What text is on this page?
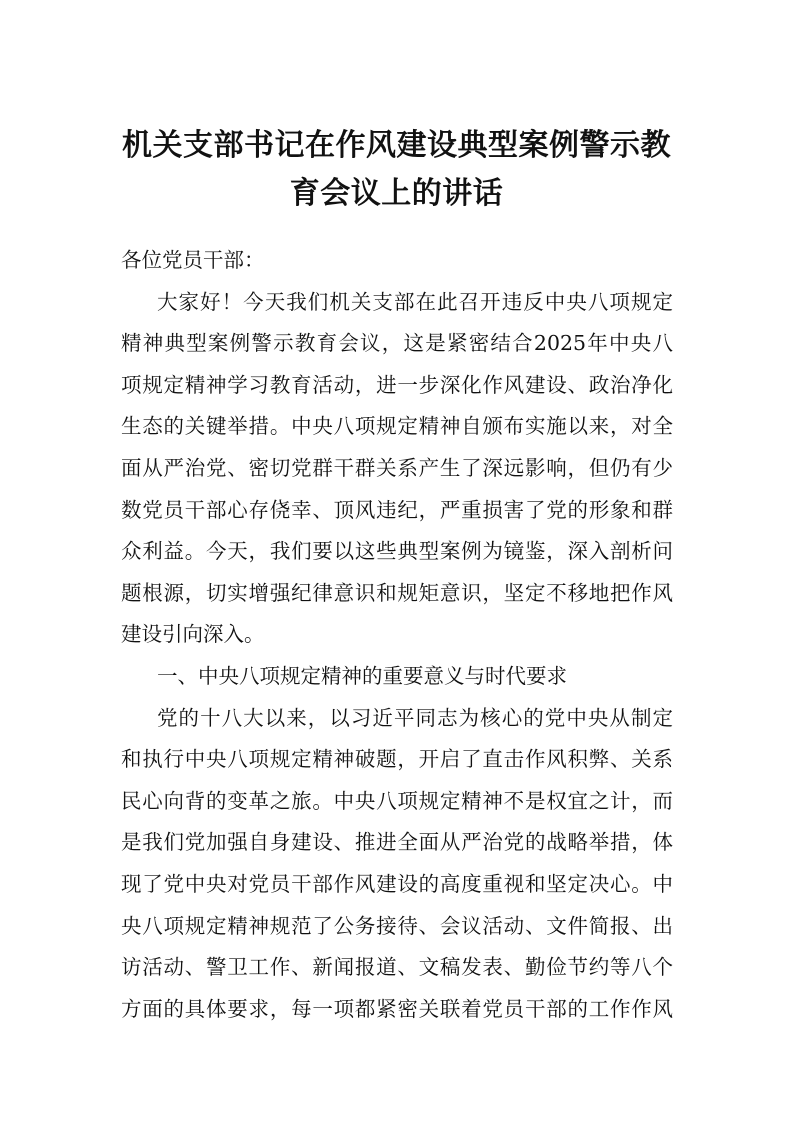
机关支部书记在作风建设典型案例警示教
育会议上的讲话
各位党员干部：
大家好！今天我们机关支部在此召开违反中央八项规定
精神典型案例警示教育会议，这是紧密结合2025年中央八
项规定精神学习教育活动，进一步深化作风建设、政治净化
生态的关键举措。中央八项规定精神自颁布实施以来，对全
面从严治党、密切党群干群关系产生了深远影响，但仍有少
数党员干部心存侥幸、顶风违纪，严重损害了党的形象和群
众利益。今天，我们要以这些典型案例为镜鉴，深入剖析问
题根源，切实增强纪律意识和规矩意识，坚定不移地把作风
建设引向深入。
一、中央八项规定精神的重要意义与时代要求
党的十八大以来，以习近平同志为核心的党中央从制定
和执行中央八项规定精神破题，开启了直击作风积弊、关系
民心向背的变革之旅。中央八项规定精神不是权宜之计，而
是我们党加强自身建设、推进全面从严治党的战略举措，体
现了党中央对党员干部作风建设的高度重视和坚定决心。中
央八项规定精神规范了公务接待、会议活动、文件简报、出
访活动、警卫工作、新闻报道、文稿发表、勤俭节约等八个
方面的具体要求，每一项都紧密关联着党员干部的工作作风
